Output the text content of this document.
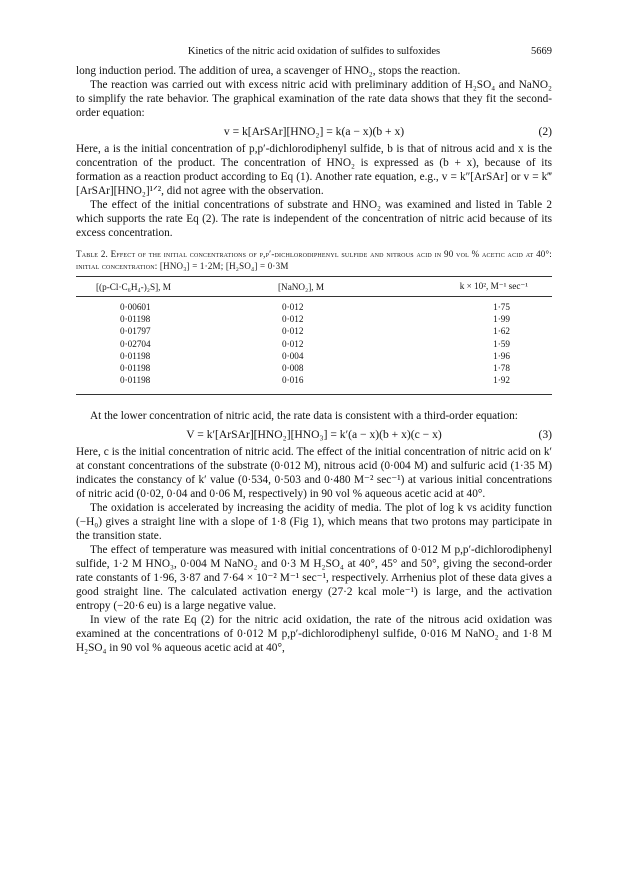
Kinetics of the nitric acid oxidation of sulfides to sulfoxides	5669

long induction period. The addition of urea, a scavenger of HNO₂, stops the reaction.

The reaction was carried out with excess nitric acid with preliminary addition of H₂SO₄ and NaNO₂ to simplify the rate behavior. The graphical examination of the rate data shows that they fit the second-order equation:

v = k[ArSAr][HNO₂] = k(a − x)(b + x)	(2)

Here, a is the initial concentration of p,p′-dichlorodiphenyl sulfide, b is that of nitrous acid and x is the concentration of the product. The concentration of HNO₂ is expressed as (b + x), because of its formation as a reaction product according to Eq (1). Another rate equation, e.g., v = k″[ArSAr] or v = k‴[ArSAr][HNO₂]¹ᐟ², did not agree with the observation.

The effect of the initial concentrations of substrate and HNO₂ was examined and listed in Table 2 which supports the rate Eq (2). The rate is independent of the concentration of nitric acid because of its excess concentration.

Table 2. Effect of the initial concentrations of p,p′-dichlorodiphenyl sulfide and nitrous acid in 90 vol % acetic acid at 40°: initial concentration: [HNO₃] = 1·2M; [H₂SO₄] = 0·3M
[(p-Cl·C₆H₄-)₂S], M	[NaNO₂], M	k × 10², M⁻¹ sec⁻¹
0·00601	0·012	1·75
0·01198	0·012	1·99
0·01797	0·012	1·62
0·02704	0·012	1·59
0·01198	0·004	1·96
0·01198	0·008	1·78
0·01198	0·016	1·92

At the lower concentration of nitric acid, the rate data is consistent with a third-order equation:

V = k′[ArSAr][HNO₂][HNO₃] = k′(a − x)(b + x)(c − x)	(3)

Here, c is the initial concentration of nitric acid. The effect of the initial concentration of nitric acid on k′ at constant concentrations of the substrate (0·012 M), nitrous acid (0·004 M) and sulfuric acid (1·35 M) indicates the constancy of k′ value (0·534, 0·503 and 0·480 M⁻² sec⁻¹) at various initial concentrations of nitric acid (0·02, 0·04 and 0·06 M, respectively) in 90 vol % aqueous acetic acid at 40°.

The oxidation is accelerated by increasing the acidity of media. The plot of log k vs acidity function (−H₀) gives a straight line with a slope of 1·8 (Fig 1), which means that two protons may participate in the transition state.

The effect of temperature was measured with initial concentrations of 0·012 M p,p′-dichlorodiphenyl sulfide, 1·2 M HNO₃, 0·004 M NaNO₂ and 0·3 M H₂SO₄ at 40°, 45° and 50°, giving the second-order rate constants of 1·96, 3·87 and 7·64 × 10⁻² M⁻¹ sec⁻¹, respectively. Arrhenius plot of these data gives a good straight line. The calculated activation energy (27·2 kcal mole⁻¹) is large, and the activation entropy (−20·6 eu) is a large negative value.

In view of the rate Eq (2) for the nitric acid oxidation, the rate of the nitrous acid oxidation was examined at the concentrations of 0·012 M p,p′-dichlorodiphenyl sulfide, 0·016 M NaNO₂ and 1·8 M H₂SO₄ in 90 vol % aqueous acetic acid at 40°,
